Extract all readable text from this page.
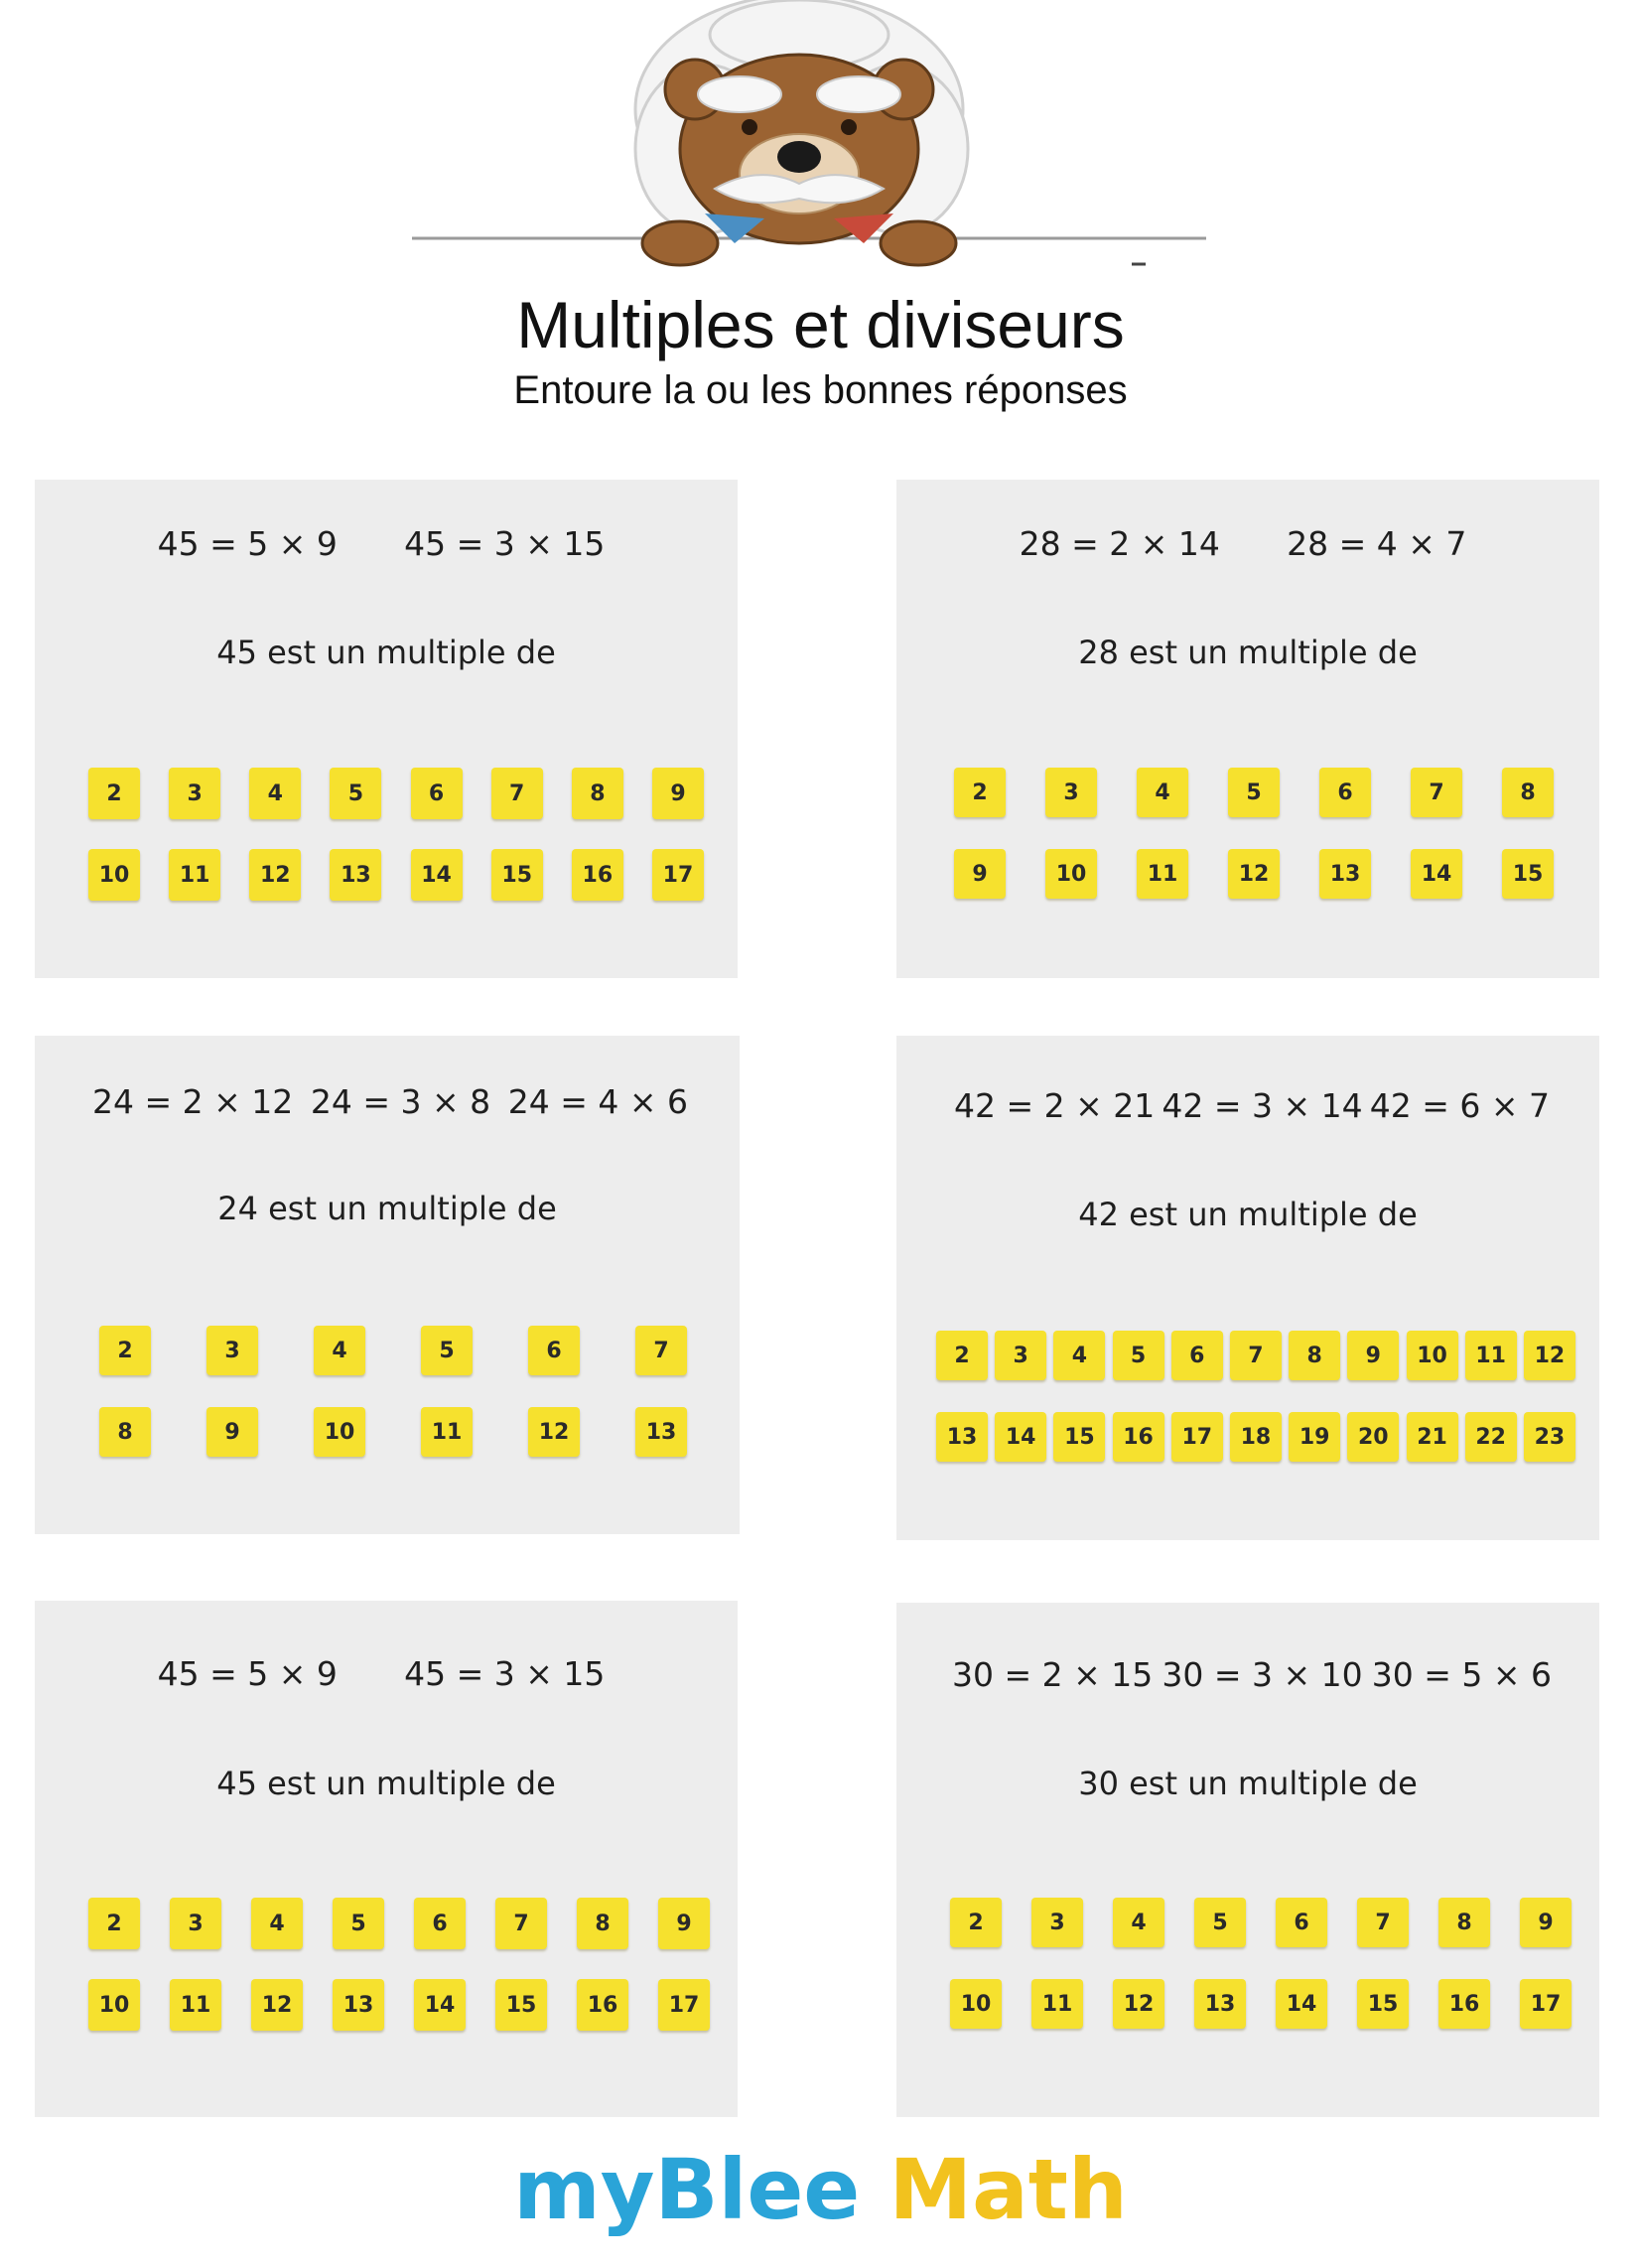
Multiples et diviseurs
Entoure la ou les bonnes réponses
45 = 5 × 9 45 = 3 × 15
45 est un multiple de
2	3	4	5	6	7	8	9
10	11	12	13	14	15	16	17
28 = 2 × 14 28 = 4 × 7
28 est un multiple de
2	3	4	5	6	7	8
9	10	11	12	13	14	15
24 = 2 × 12 24 = 3 × 8 24 = 4 × 6
24 est un multiple de
2	3	4	5	6	7
8	9	10	11	12	13
42 = 2 × 21 42 = 3 × 14 42 = 6 × 7
42 est un multiple de
2	3	4	5	6	7	8	9	10	11	12
13	14	15	16	17	18	19	20	21	22	23
45 = 5 × 9 45 = 3 × 15
45 est un multiple de
2	3	4	5	6	7	8	9
10	11	12	13	14	15	16	17
30 = 2 × 15 30 = 3 × 10 30 = 5 × 6
30 est un multiple de
2	3	4	5	6	7	8	9
10	11	12	13	14	15	16	17
myBlee Math
